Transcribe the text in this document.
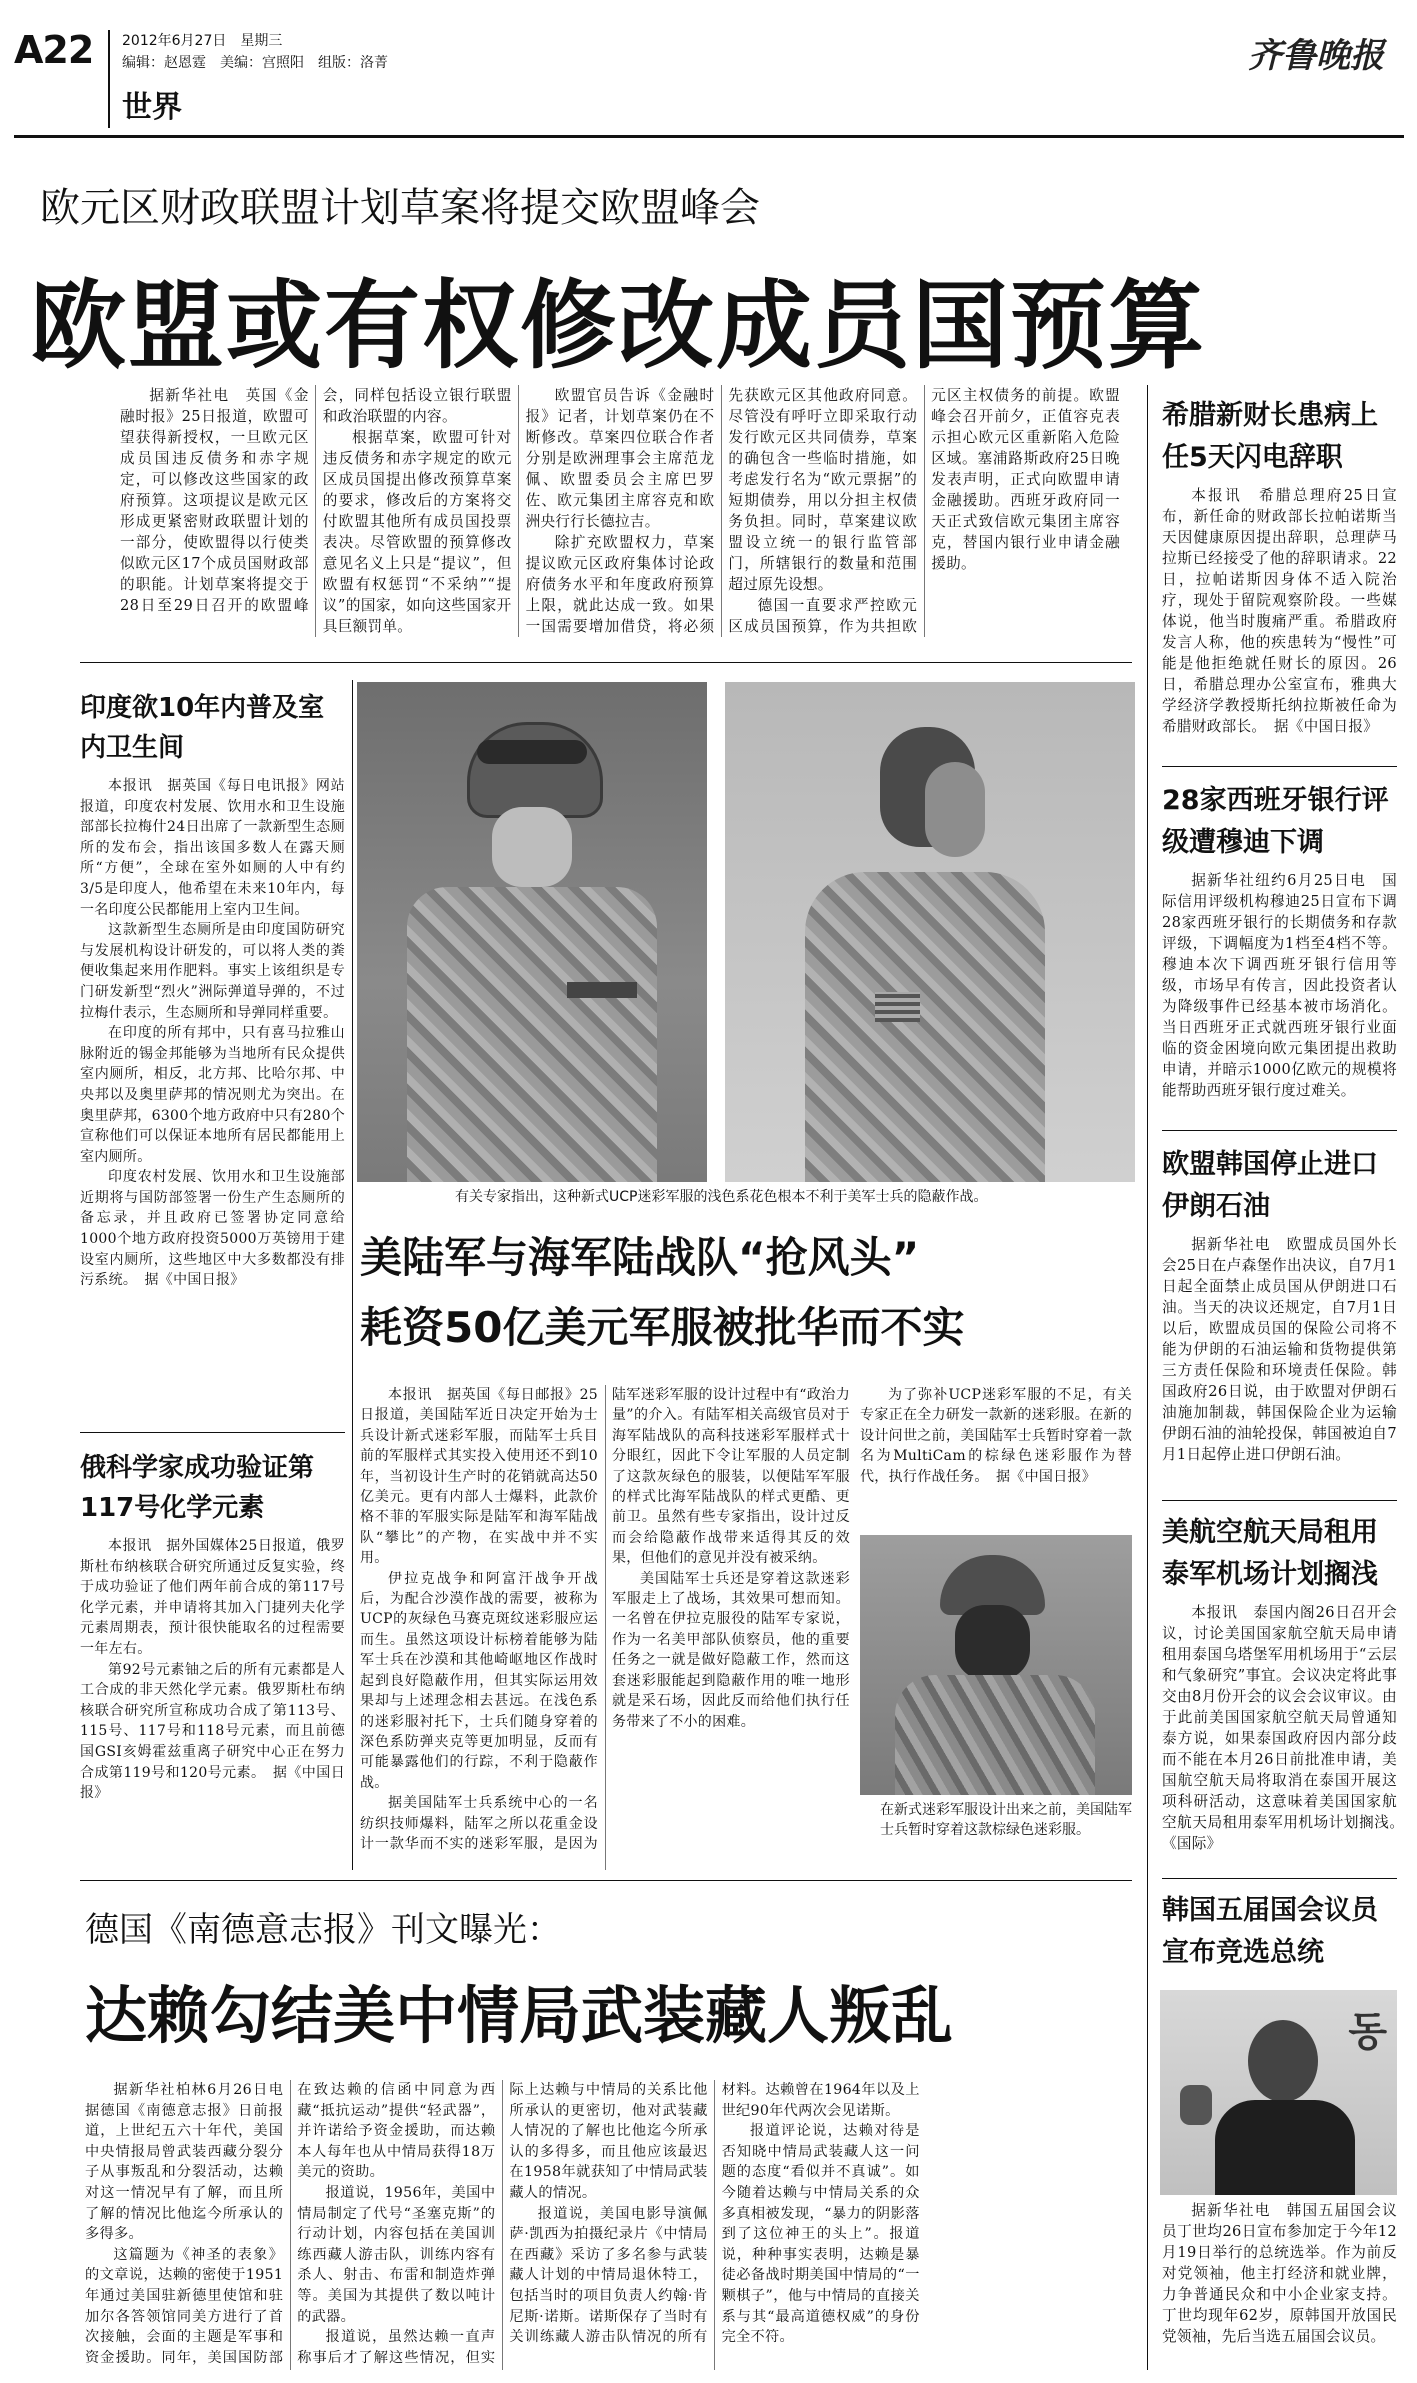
A22 2012年6月27日　星期三
编辑：赵恩霆　美编：宫照阳　组版：洛菁
世界
齐鲁晚报
欧元区财政联盟计划草案将提交欧盟峰会
欧盟或有权修改成员国预算

据新华社电　英国《金融时报》25日报道，欧盟可望获得新授权，一旦欧元区成员国违反债务和赤字规定，可以修改这些国家的政府预算。这项提议是欧元区形成更紧密财政联盟计划的一部分，使欧盟得以行使类似欧元区17个成员国财政部的职能。计划草案将提交于28日至29日召开的欧盟峰会，同样包括设立银行联盟和政治联盟的内容。

根据草案，欧盟可针对违反债务和赤字规定的欧元区成员国提出修改预算草案的要求，修改后的方案将交付欧盟其他所有成员国投票表决。尽管欧盟的预算修改意见名义上只是“提议”，但欧盟有权惩罚“不采纳”“提议”的国家，如向这些国家开具巨额罚单。

欧盟官员告诉《金融时报》记者，计划草案仍在不断修改。草案四位联合作者分别是欧洲理事会主席范龙佩、欧盟委员会主席巴罗佐、欧元集团主席容克和欧洲央行行长德拉吉。

除扩充欧盟权力，草案提议欧元区政府集体讨论政府债务水平和年度政府预算上限，就此达成一致。如果一国需要增加借贷，将必须先获欧元区其他政府同意。尽管没有呼吁立即采取行动发行欧元区共同债券，草案的确包含一些临时措施，如考虑发行名为“欧元票据”的短期债券，用以分担主权债务负担。同时，草案建议欧盟设立统一的银行监管部门，所辖银行的数量和范围超过原先设想。

德国一直要求严控欧元区成员国预算，作为共担欧元区主权债务的前提。欧盟峰会召开前夕，正值容克表示担心欧元区重新陷入危险区域。塞浦路斯政府25日晚发表声明，正式向欧盟申请金融援助。西班牙政府同一天正式致信欧元集团主席容克，替国内银行业申请金融援助。

希腊新财长患病上任5天闪电辞职

本报讯　希腊总理府25日宣布，新任命的财政部长拉帕诺斯当天因健康原因提出辞职，总理萨马拉斯已经接受了他的辞职请求。22日，拉帕诺斯因身体不适入院治疗，现处于留院观察阶段。一些媒体说，他当时腹痛严重。希腊政府发言人称，他的疾患转为“慢性”可能是他拒绝就任财长的原因。26日，希腊总理办公室宣布，雅典大学经济学教授斯托纳拉斯被任命为希腊财政部长。　据《中国日报》

28家西班牙银行评级遭穆迪下调

据新华社纽约6月25日电　国际信用评级机构穆迪25日宣布下调28家西班牙银行的长期债务和存款评级，下调幅度为1档至4档不等。穆迪本次下调西班牙银行信用等级，市场早有传言，因此投资者认为降级事件已经基本被市场消化。当日西班牙正式就西班牙银行业面临的资金困境向欧元集团提出救助申请，并暗示1000亿欧元的规模将能帮助西班牙银行度过难关。

欧盟韩国停止进口伊朗石油

据新华社电　欧盟成员国外长会25日在卢森堡作出决议，自7月1日起全面禁止成员国从伊朗进口石油。当天的决议还规定，自7月1日以后，欧盟成员国的保险公司将不能为伊朗的石油运输和货物提供第三方责任保险和环境责任保险。韩国政府26日说，由于欧盟对伊朗石油施加制裁，韩国保险企业为运输伊朗石油的油轮投保，韩国被迫自7月1日起停止进口伊朗石油。

美航空航天局租用泰军机场计划搁浅

本报讯　泰国内阁26日召开会议，讨论美国国家航空航天局申请租用泰国乌塔堡军用机场用于“云层和气象研究”事宜。会议决定将此事交由8月份开会的议会会议审议。由于此前美国国家航空航天局曾通知泰方说，如果泰国政府因内部分歧而不能在本月26日前批准申请，美国航空航天局将取消在泰国开展这项科研活动，这意味着美国国家航空航天局租用泰军用机场计划搁浅。　《国际》

韩国五届国会议员宣布竞选总统
동

据新华社电　韩国五届国会议员丁世均26日宣布参加定于今年12月19日举行的总统选举。作为前反对党领袖，他主打经济和就业牌，力争普通民众和中小企业家支持。丁世均现年62岁，原韩国开放国民党领袖，先后当选五届国会议员。

印度欲10年内普及室内卫生间

本报讯　据英国《每日电讯报》网站报道，印度农村发展、饮用水和卫生设施部部长拉梅什24日出席了一款新型生态厕所的发布会，指出该国多数人在露天厕所“方便”，全球在室外如厕的人中有约3/5是印度人，他希望在未来10年内，每一名印度公民都能用上室内卫生间。

这款新型生态厕所是由印度国防研究与发展机构设计研发的，可以将人类的粪便收集起来用作肥料。事实上该组织是专门研发新型“烈火”洲际弹道导弹的，不过拉梅什表示，生态厕所和导弹同样重要。

在印度的所有邦中，只有喜马拉雅山脉附近的锡金邦能够为当地所有民众提供室内厕所，相反，北方邦、比哈尔邦、中央邦以及奥里萨邦的情况则尤为突出。在奥里萨邦，6300个地方政府中只有280个宣称他们可以保证本地所有居民都能用上室内厕所。

印度农村发展、饮用水和卫生设施部近期将与国防部签署一份生产生态厕所的备忘录，并且政府已签署协定同意给1000个地方政府投资5000万英镑用于建设室内厕所，这些地区中大多数都没有排污系统。　据《中国日报》

俄科学家成功验证第117号化学元素

本报讯　据外国媒体25日报道，俄罗斯杜布纳核联合研究所通过反复实验，终于成功验证了他们两年前合成的第117号化学元素，并申请将其加入门捷列夫化学元素周期表，预计很快能取名的过程需要一年左右。

第92号元素铀之后的所有元素都是人工合成的非天然化学元素。俄罗斯杜布纳核联合研究所宣称成功合成了第113号、115号、117号和118号元素，而且前德国GSI亥姆霍兹重离子研究中心正在努力合成第119号和120号元素。　据《中国日报》

有关专家指出，这种新式UCP迷彩军服的浅色系花色根本不利于美军士兵的隐蔽作战。
美陆军与海军陆战队“抢风头”
耗资50亿美元军服被批华而不实

本报讯　据英国《每日邮报》25日报道，美国陆军近日决定开始为士兵设计新式迷彩军服，而陆军士兵目前的军服样式其实投入使用还不到10年，当初设计生产时的花销就高达50亿美元。更有内部人士爆料，此款价格不菲的军服实际是陆军和海军陆战队“攀比”的产物，在实战中并不实用。

伊拉克战争和阿富汗战争开战后，为配合沙漠作战的需要，被称为UCP的灰绿色马赛克斑纹迷彩服应运而生。虽然这项设计标榜着能够为陆军士兵在沙漠和其他崎岖地区作战时起到良好隐蔽作用，但其实际运用效果却与上述理念相去甚远。在浅色系的迷彩服衬托下，士兵们随身穿着的深色系防弹夹克等更加明显，反而有可能暴露他们的行踪，不利于隐蔽作战。

据美国陆军士兵系统中心的一名纺织技师爆料，陆军之所以花重金设计一款华而不实的迷彩军服，是因为陆军迷彩军服的设计过程中有“政治力量”的介入。有陆军相关高级官员对于海军陆战队的高科技迷彩军服样式十分眼红，因此下令让军服的人员定制了这款灰绿色的服装，以便陆军军服的样式比海军陆战队的样式更酷、更前卫。虽然有些专家指出，设计过反而会给隐蔽作战带来适得其反的效果，但他们的意见并没有被采纳。

美国陆军士兵还是穿着这款迷彩军服走上了战场，其效果可想而知。一名曾在伊拉克服役的陆军专家说，作为一名美甲部队侦察员，他的重要任务之一就是做好隐蔽工作，然而这套迷彩服能起到隐蔽作用的唯一地形就是采石场，因此反而给他们执行任务带来了不小的困难。

为了弥补UCP迷彩军服的不足，有关专家正在全力研发一款新的迷彩服。在新的设计问世之前，美国陆军士兵暂时穿着一款名为MultiCam的棕绿色迷彩服作为替代，执行作战任务。　据《中国日报》

在新式迷彩军服设计出来之前，美国陆军士兵暂时穿着这款棕绿色迷彩服。
德国《南德意志报》刊文曝光：
达赖勾结美中情局武装藏人叛乱

据新华社柏林6月26日电　据德国《南德意志报》日前报道，上世纪五六十年代，美国中央情报局曾武装西藏分裂分子从事叛乱和分裂活动，达赖对这一情况早有了解，而且所了解的情况比他迄今所承认的多得多。

这篇题为《神圣的表象》的文章说，达赖的密使于1951年通过美国驻新德里使馆和驻加尔各答领馆同美方进行了首次接触，会面的主题是军事和资金援助。同年，美国国防部在致达赖的信函中同意为西藏“抵抗运动”提供“轻武器”，并许诺给予资金援助，而达赖本人每年也从中情局获得18万美元的资助。

报道说，1956年，美国中情局制定了代号“圣塞克斯”的行动计划，内容包括在美国训练西藏人游击队，训练内容有杀人、射击、布雷和制造炸弹等。美国为其提供了数以吨计的武器。

报道说，虽然达赖一直声称事后才了解这些情况，但实际上达赖与中情局的关系比他所承认的更密切，他对武装藏人情况的了解也比他迄今所承认的多得多，而且他应该最迟在1958年就获知了中情局武装藏人的情况。

报道说，美国电影导演佩萨·凯西为拍摄纪录片《中情局在西藏》采访了多名参与武装藏人计划的中情局退休特工，包括当时的项目负责人约翰·肯尼斯·诺斯。诺斯保存了当时有关训练藏人游击队情况的所有材料。达赖曾在1964年以及上世纪90年代两次会见诺斯。

报道评论说，达赖对待是否知晓中情局武装藏人这一问题的态度“看似并不真诚”。如今随着达赖与中情局关系的众多真相被发现，“暴力的阴影落到了这位神王的头上”。报道说，种种事实表明，达赖是暴徒必备战时期美国中情局的“一颗棋子”，他与中情局的直接关系与其“最高道德权威”的身份完全不符。
